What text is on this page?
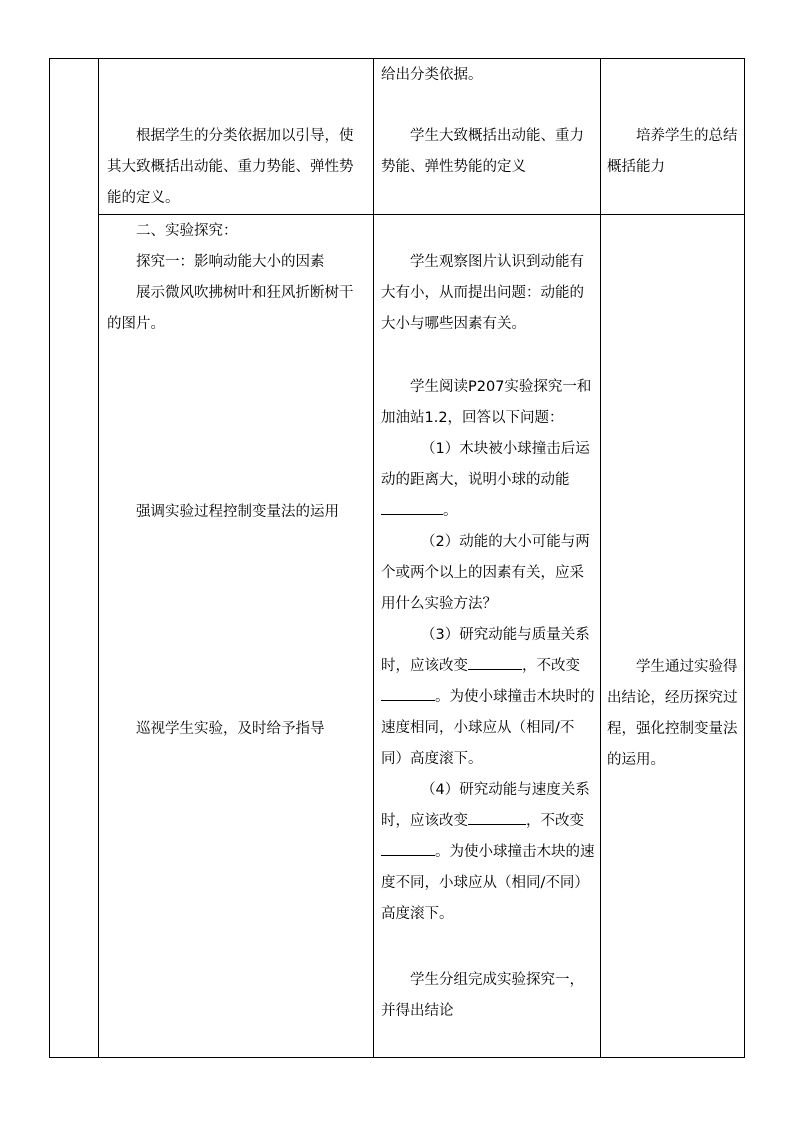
根据学生的分类依据加以引导，使其大致概括出动能、重力势能、弹性势能的定义。

给出分类依据。

学生大致概括出动能、重力势能、弹性势能的定义

培养学生的总结概括能力

二、实验探究：

探究一：影响动能大小的因素

展示微风吹拂树叶和狂风折断树干的图片。

强调实验过程控制变量法的运用

巡视学生实验，及时给予指导

学生观察图片认识到动能有大有小，从而提出问题：动能的大小与哪些因素有关。

学生阅读P207实验探究一和加油站1.2，回答以下问题：

（1）木块被小球撞击后运动的距离大，说明小球的动能。

（2）动能的大小可能与两个或两个以上的因素有关，应采用什么实验方法？

（3）研究动能与质量关系时，应该改变	，不改变。为使小球撞击木块时的速度相同，小球应从（相同/不同）高度滚下。

（4）研究动能与速度关系时，应该改变	，不改变。为使小球撞击木块的速度不同，小球应从（相同/不同）高度滚下。

学生分组完成实验探究一，并得出结论

学生通过实验得出结论，经历探究过程，强化控制变量法的运用。
